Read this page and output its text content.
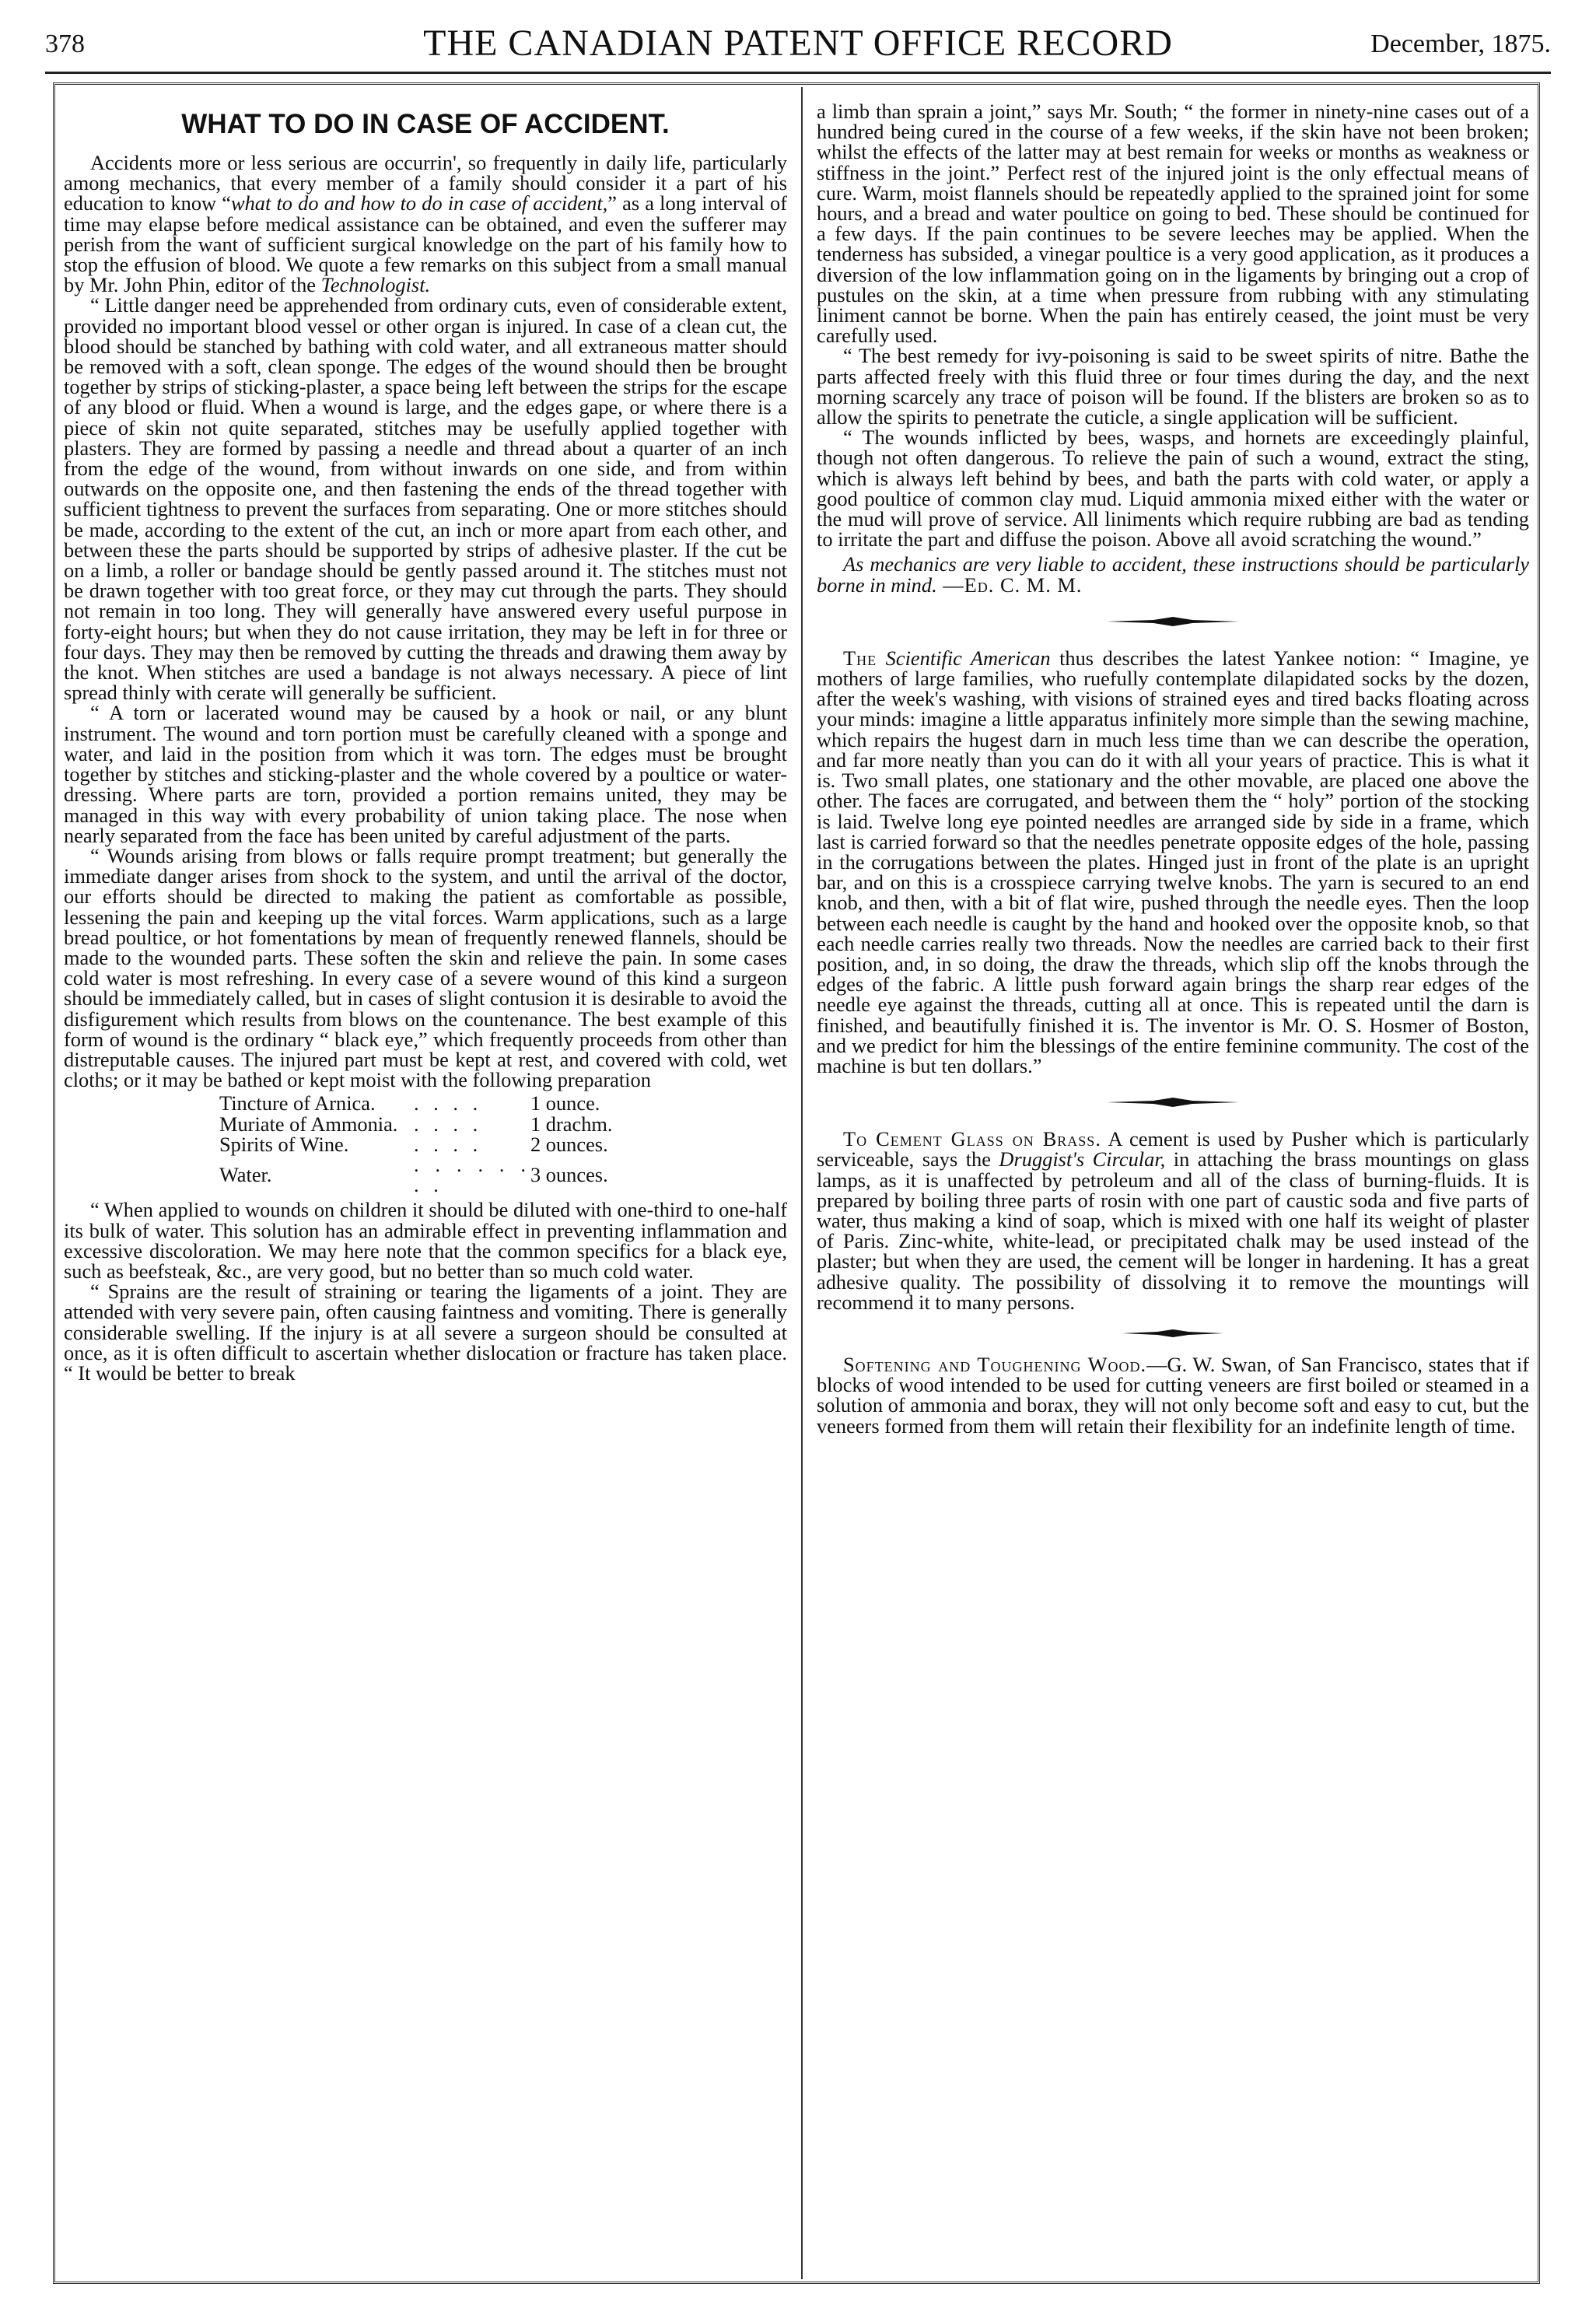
378	THE CANADIAN PATENT OFFICE RECORD	December, 1875.
WHAT TO DO IN CASE OF ACCIDENT.

Accidents more or less serious are occurrin', so frequently in daily life, particularly among mechanics, that every member of a family should consider it a part of his education to know “what to do and how to do in case of accident,” as a long interval of time may elapse before medical assistance can be obtained, and even the sufferer may perish from the want of sufficient surgical knowledge on the part of his family how to stop the effusion of blood. We quote a few remarks on this subject from a small manual by Mr. John Phin, editor of the Technologist.

“ Little danger need be apprehended from ordinary cuts, even of considerable extent, provided no important blood vessel or other organ is injured. In case of a clean cut, the blood should be stanched by bathing with cold water, and all extraneous matter should be removed with a soft, clean sponge. The edges of the wound should then be brought together by strips of sticking-plaster, a space being left between the strips for the escape of any blood or fluid. When a wound is large, and the edges gape, or where there is a piece of skin not quite separated, stitches may be usefully applied together with plasters. They are formed by passing a needle and thread about a quarter of an inch from the edge of the wound, from without inwards on one side, and from within outwards on the opposite one, and then fastening the ends of the thread together with sufficient tightness to prevent the surfaces from separating. One or more stitches should be made, according to the extent of the cut, an inch or more apart from each other, and between these the parts should be supported by strips of adhesive plaster. If the cut be on a limb, a roller or bandage should be gently passed around it. The stitches must not be drawn together with too great force, or they may cut through the parts. They should not remain in too long. They will generally have answered every useful purpose in forty-eight hours; but when they do not cause irritation, they may be left in for three or four days. They may then be removed by cutting the threads and drawing them away by the knot. When stitches are used a bandage is not always necessary. A piece of lint spread thinly with cerate will generally be sufficient.

“ A torn or lacerated wound may be caused by a hook or nail, or any blunt instrument. The wound and torn portion must be carefully cleaned with a sponge and water, and laid in the position from which it was torn. The edges must be brought together by stitches and sticking-plaster and the whole covered by a poultice or water-dressing. Where parts are torn, provided a portion remains united, they may be managed in this way with every probability of union taking place. The nose when nearly separated from the face has been united by careful adjustment of the parts.

“ Wounds arising from blows or falls require prompt treatment; but generally the immediate danger arises from shock to the system, and until the arrival of the doctor, our efforts should be directed to making the patient as comfortable as possible, lessening the pain and keeping up the vital forces. Warm applications, such as a large bread poultice, or hot fomentations by mean of frequently renewed flannels, should be made to the wounded parts. These soften the skin and relieve the pain. In some cases cold water is most refreshing. In every case of a severe wound of this kind a surgeon should be immediately called, but in cases of slight contusion it is desirable to avoid the disfigurement which results from blows on the countenance. The best example of this form of wound is the ordinary “ black eye,” which frequently proceeds from other than distreputable causes. The injured part must be kept at rest, and covered with cold, wet cloths; or it may be bathed or kept moist with the following preparation

Tincture of Arnica.	. . . .	1 ounce.
Muriate of Ammonia.	. . . .	1 drachm.
Spirits of Wine.	. . . .	2 ounces.
Water.	. . . . . . . .	3 ounces.

“ When applied to wounds on children it should be diluted with one-third to one-half its bulk of water. This solution has an admirable effect in preventing inflammation and excessive discoloration. We may here note that the common specifics for a black eye, such as beefsteak, &c., are very good, but no better than so much cold water.

“ Sprains are the result of straining or tearing the ligaments of a joint. They are attended with very severe pain, often causing faintness and vomiting. There is generally considerable swelling. If the injury is at all severe a surgeon should be consulted at once, as it is often difficult to ascertain whether dislocation or fracture has taken place. “ It would be better to break

a limb than sprain a joint,” says Mr. South; “ the former in ninety-nine cases out of a hundred being cured in the course of a few weeks, if the skin have not been broken; whilst the effects of the latter may at best remain for weeks or months as weakness or stiffness in the joint.” Perfect rest of the injured joint is the only effectual means of cure. Warm, moist flannels should be repeatedly applied to the sprained joint for some hours, and a bread and water poultice on going to bed. These should be continued for a few days. If the pain continues to be severe leeches may be applied. When the tenderness has subsided, a vinegar poultice is a very good application, as it produces a diversion of the low inflammation going on in the ligaments by bringing out a crop of pustules on the skin, at a time when pressure from rubbing with any stimulating liniment cannot be borne. When the pain has entirely ceased, the joint must be very carefully used.

“ The best remedy for ivy-poisoning is said to be sweet spirits of nitre. Bathe the parts affected freely with this fluid three or four times during the day, and the next morning scarcely any trace of poison will be found. If the blisters are broken so as to allow the spirits to penetrate the cuticle, a single application will be sufficient.

“ The wounds inflicted by bees, wasps, and hornets are exceedingly plainful, though not often dangerous. To relieve the pain of such a wound, extract the sting, which is always left behind by bees, and bath the parts with cold water, or apply a good poultice of common clay mud. Liquid ammonia mixed either with the water or the mud will prove of service. All liniments which require rubbing are bad as tending to irritate the part and diffuse the poison. Above all avoid scratching the wound.”

As mechanics are very liable to accident, these instructions should be particularly borne in mind. —Ed. C. M. M.

The Scientific American thus describes the latest Yankee notion: “ Imagine, ye mothers of large families, who ruefully contemplate dilapidated socks by the dozen, after the week's washing, with visions of strained eyes and tired backs floating across your minds: imagine a little apparatus infinitely more simple than the sewing machine, which repairs the hugest darn in much less time than we can describe the operation, and far more neatly than you can do it with all your years of practice. This is what it is. Two small plates, one stationary and the other movable, are placed one above the other. The faces are corrugated, and between them the “ holy” portion of the stocking is laid. Twelve long eye pointed needles are arranged side by side in a frame, which last is carried forward so that the needles penetrate opposite edges of the hole, passing in the corrugations between the plates. Hinged just in front of the plate is an upright bar, and on this is a crosspiece carrying twelve knobs. The yarn is secured to an end knob, and then, with a bit of flat wire, pushed through the needle eyes. Then the loop between each needle is caught by the hand and hooked over the opposite knob, so that each needle carries really two threads. Now the needles are carried back to their first position, and, in so doing, the draw the threads, which slip off the knobs through the edges of the fabric. A little push forward again brings the sharp rear edges of the needle eye against the threads, cutting all at once. This is repeated until the darn is finished, and beautifully finished it is. The inventor is Mr. O. S. Hosmer of Boston, and we predict for him the blessings of the entire feminine community. The cost of the machine is but ten dollars.”

To Cement Glass on Brass. A cement is used by Pusher which is particularly serviceable, says the Druggist's Circular, in attaching the brass mountings on glass lamps, as it is unaffected by petroleum and all of the class of burning-fluids. It is prepared by boiling three parts of rosin with one part of caustic soda and five parts of water, thus making a kind of soap, which is mixed with one half its weight of plaster of Paris. Zinc-white, white-lead, or precipitated chalk may be used instead of the plaster; but when they are used, the cement will be longer in hardening. It has a great adhesive quality. The possibility of dissolving it to remove the mountings will recommend it to many persons.

Softening and Toughening Wood.—G. W. Swan, of San Francisco, states that if blocks of wood intended to be used for cutting veneers are first boiled or steamed in a solution of ammonia and borax, they will not only become soft and easy to cut, but the veneers formed from them will retain their flexibility for an indefinite length of time.
